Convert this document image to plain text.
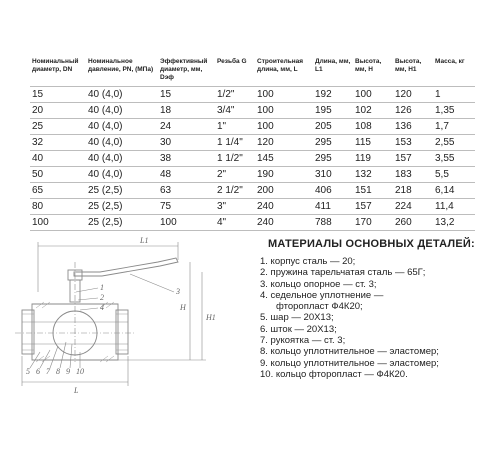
Номинальный диаметр, DN	Номинальное давление, PN, (МПа)	Эффективный диаметр, мм, Dэф	Резьба G	Строительная длина, мм, L	Длина, мм, L1	Высота, мм, H	Высота, мм, H1	Масса, кг
15	40 (4,0)	15	1/2"	100	192	100	120	1
20	40 (4,0)	18	3/4"	100	195	102	126	1,35
25	40 (4,0)	24	1"	100	205	108	136	1,7
32	40 (4,0)	30	1 1/4"	120	295	115	153	2,55
40	40 (4,0)	38	1 1/2"	145	295	119	157	3,55
50	40 (4,0)	48	2"	190	310	132	183	5,5
65	25 (2,5)	63	2 1/2"	200	406	151	218	6,14
80	25 (2,5)	75	3"	240	411	157	224	11,4
100	25 (2,5)	100	4"	240	788	170	260	13,2
L1
H
H1
L
1
2
3
4
5 6 7 8 9 10
МАТЕРИАЛЫ ОСНОВНЫХ ДЕТАЛЕЙ:
1. корпус сталь — 20;
2. пружина тарельчатая сталь — 65Г;
3. кольцо опорное — ст. 3;
4. седельное уплотнение —
фторопласт Ф4К20;
5. шар — 20Х13;
6. шток — 20Х13;
7. рукоятка — ст. 3;
8. кольцо уплотнительное — эластомер;
9. кольцо уплотнительное — эластомер;
10. кольцо фторопласт — Ф4К20.
